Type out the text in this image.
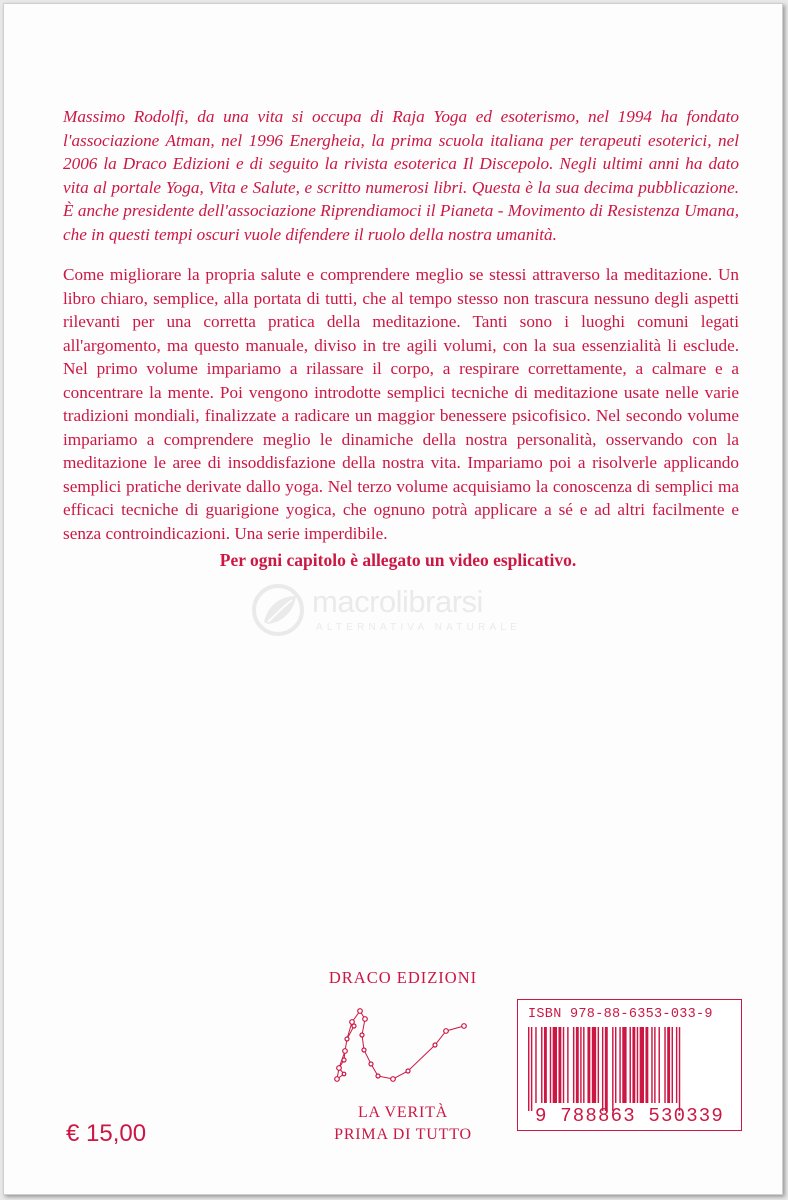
Massimo Rodolfi, da una vita si occupa di Raja Yoga ed esoterismo, nel 1994 ha fondato l'associazione Atman, nel 1996 Energheia, la prima scuola italiana per terapeuti esoterici, nel 2006 la Draco Edizioni e di seguito la rivista esoterica Il Discepolo. Negli ultimi anni ha dato vita al portale Yoga, Vita e Salute, e scritto numerosi libri. Questa è la sua decima pubblicazione. È anche presidente dell'associazione Riprendiamoci il Pianeta - Movimento di Resistenza Umana, che in questi tempi oscuri vuole difendere il ruolo della nostra umanità.

Come migliorare la propria salute e comprendere meglio se stessi attraverso la meditazione. Un libro chiaro, semplice, alla portata di tutti, che al tempo stesso non trascura nessuno degli aspetti rilevanti per una corretta pratica della meditazione. Tanti sono i luoghi comuni legati all'argomento, ma questo manuale, diviso in tre agili volumi, con la sua essenzialità li esclude. Nel primo volume impariamo a rilassare il corpo, a respirare correttamente, a calmare e a concentrare la mente. Poi vengono introdotte semplici tecniche di meditazione usate nelle varie tradizioni mondiali, finalizzate a radicare un maggior benessere psicofisico. Nel secondo volume impariamo a comprendere meglio le dinamiche della nostra personalità, osservando con la meditazione le aree di insoddisfazione della nostra vita. Impariamo poi a risolverle applicando semplici pratiche derivate dallo yoga. Nel terzo volume acquisiamo la conoscenza di semplici ma efficaci tecniche di guarigione yogica, che ognuno potrà applicare a sé e ad altri facilmente e senza controindicazioni. Una serie imperdibile.

Per ogni capitolo è allegato un video esplicativo.
macrolibrarsi
ALTERNATIVA NATURALE
DRACO EDIZIONI
LA VERITÀ
PRIMA DI TUTTO
€ 15,00
ISBN 978-88-6353-033-9
9 788863 530339
